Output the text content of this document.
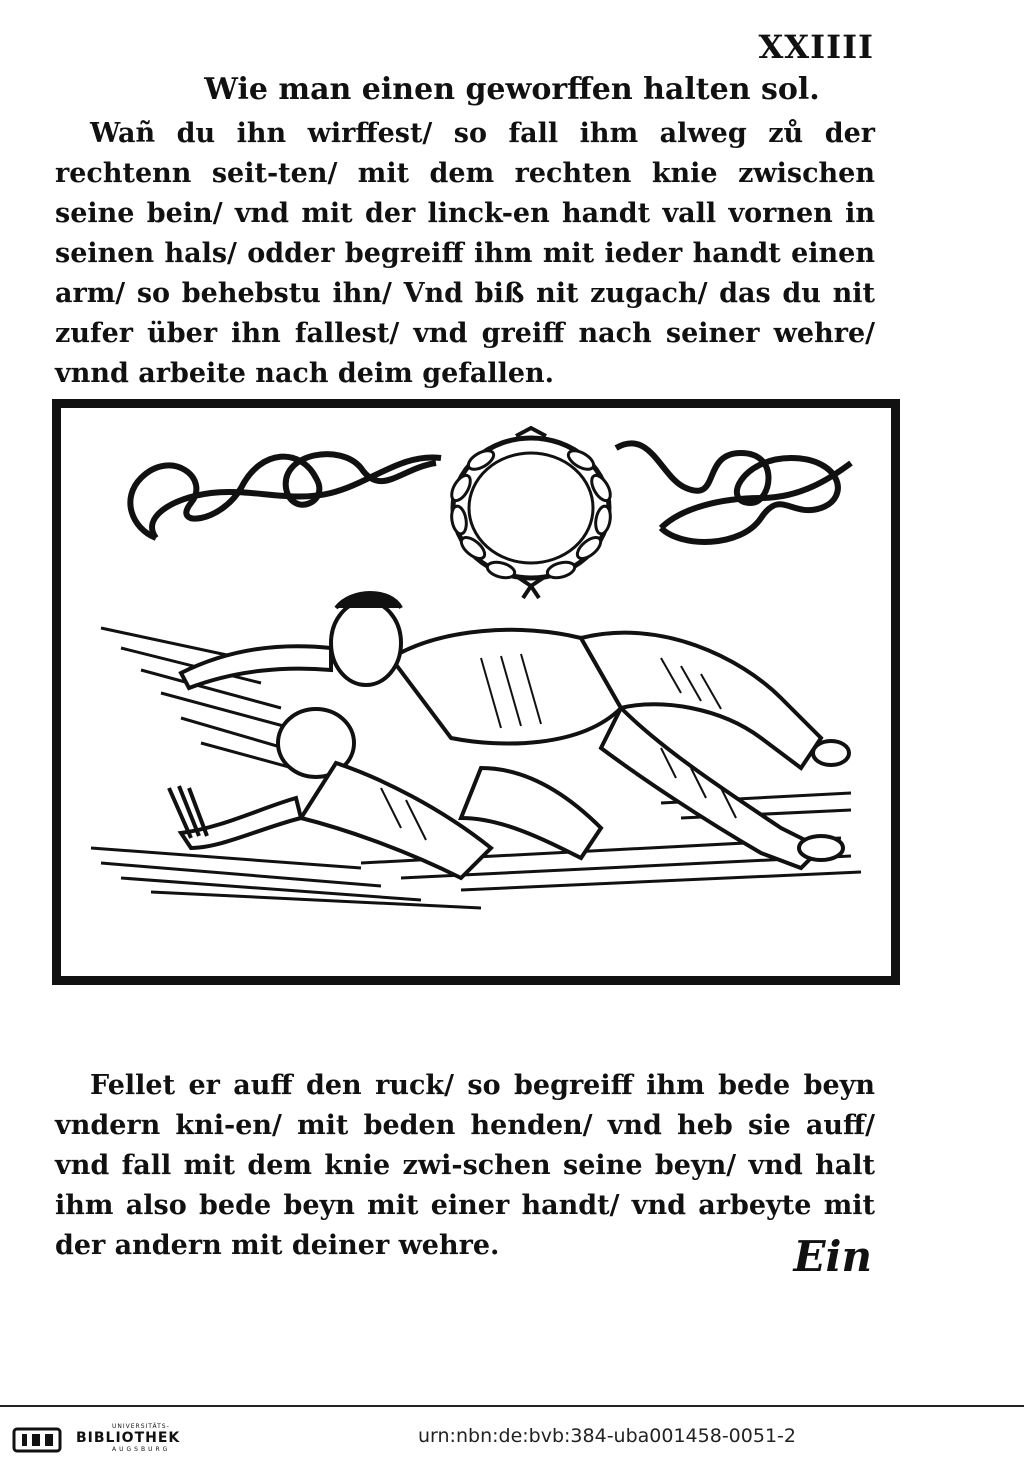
XXIIII
Wie man einen geworffen halten sol.
Wañ du ihn wirffest/ so fall ihm alweg zů der rechtenn seit-ten/ mit dem rechten knie zwischen seine bein/ vnd mit der linck-en handt vall vornen in seinen hals/ odder begreiff ihm mit ieder handt einen arm/ so behebstu ihn/ Vnd biß nit zugach/ das du nit zufer über ihn fallest/ vnd greiff nach seiner wehre/ vnnd arbeite nach deim gefallen.
Fellet er auff den ruck/ so begreiff ihm bede beyn vndern kni-en/ mit beden henden/ vnd heb sie auff/ vnd fall mit dem knie zwi-schen seine beyn/ vnd halt ihm also bede beyn mit einer handt/ vnd arbeyte mit der andern mit deiner wehre.	Ein
UNIVERSITÄTS-
BIBLIOTHEK
AUGSBURG
urn:nbn:de:bvb:384-uba001458-0051-2
